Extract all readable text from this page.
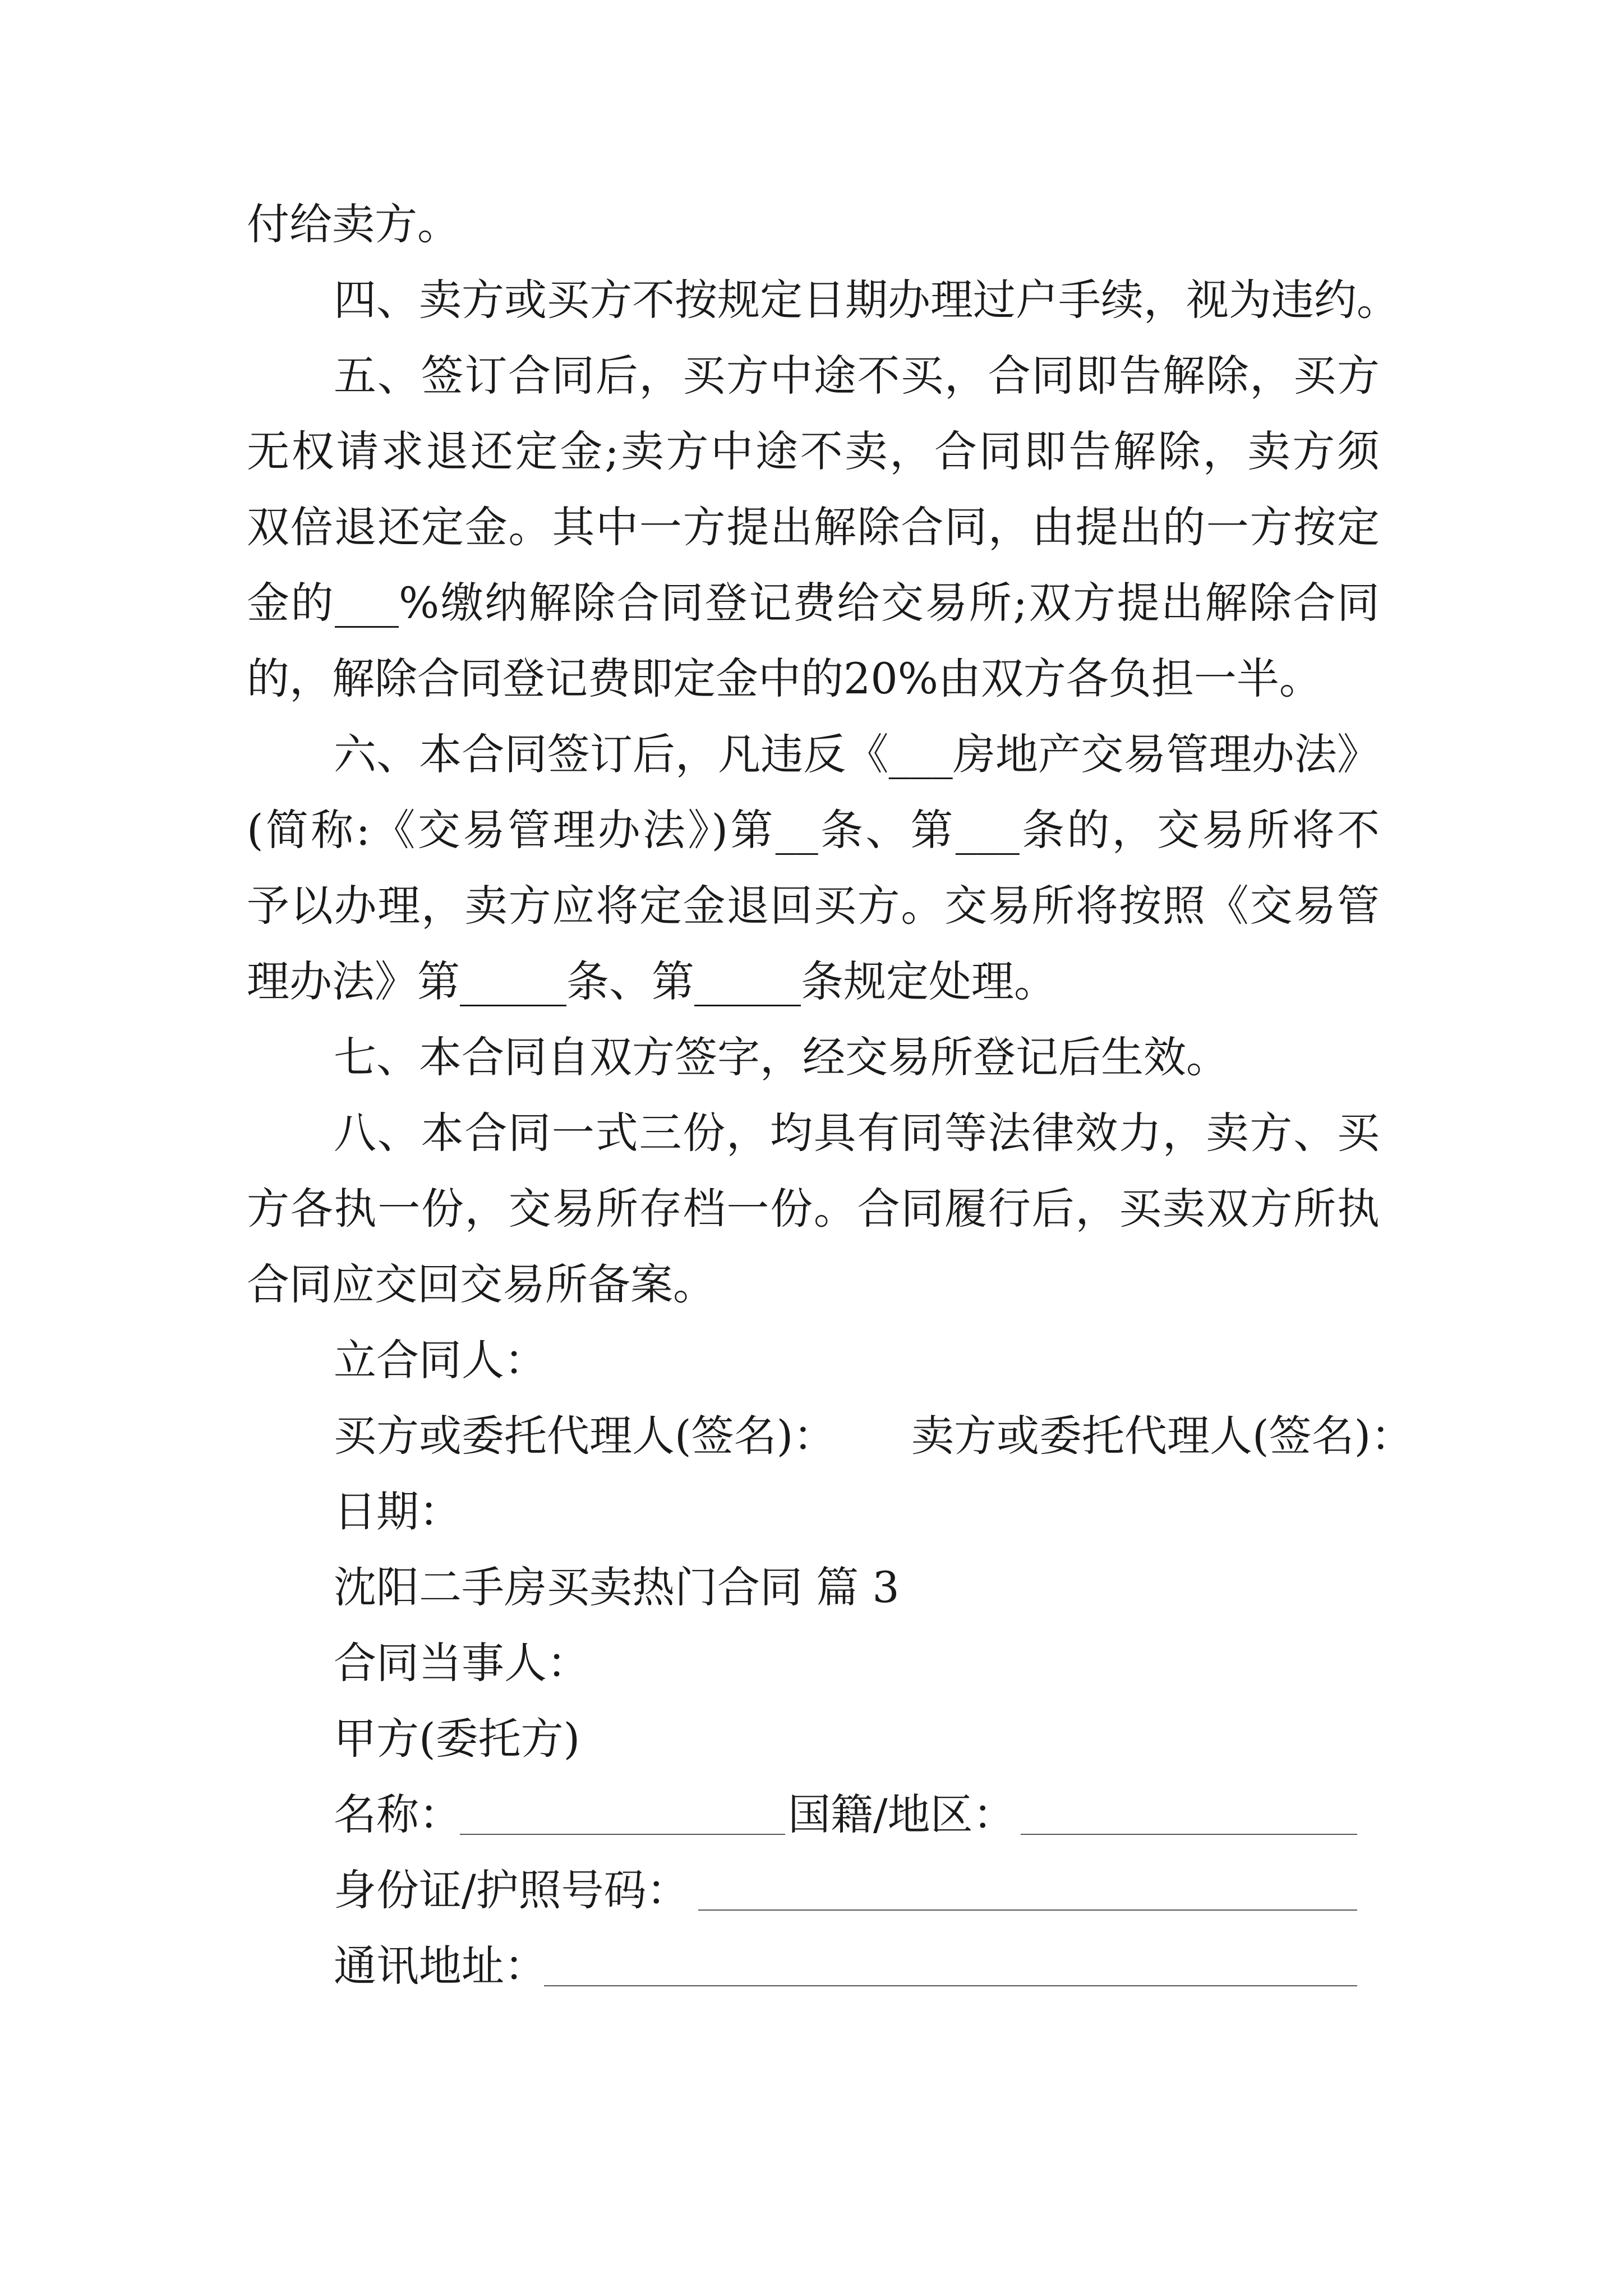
付给卖方。
四、卖方或买方不按规定日期办理过户手续，视为违约。
五、签订合同后，买方中途不买，合同即告解除，买方
无权请求退还定金;卖方中途不卖，合同即告解除，卖方须
双倍退还定金。其中一方提出解除合同，由提出的一方按定
金的___%缴纳解除合同登记费给交易所;双方提出解除合同
的，解除合同登记费即定金中的20%由双方各负担一半。
六、本合同签订后，凡违反《___房地产交易管理办法》
(简称:《交易管理办法》)第__条、第___条的，交易所将不
予以办理，卖方应将定金退回买方。交易所将按照《交易管
理办法》第_____条、第_____条规定处理。
七、本合同自双方签字，经交易所登记后生效。
八、本合同一式三份，均具有同等法律效力，卖方、买
方各执一份，交易所存档一份。合同履行后，买卖双方所执
合同应交回交易所备案。
立合同人：
买方或委托代理人(签名)： 卖方或委托代理人(签名)：
日期：
沈阳二手房买卖热门合同 篇 3
合同当事人：
甲方(委托方)
名称：	国籍/地区：
身份证/护照号码：
通讯地址：
